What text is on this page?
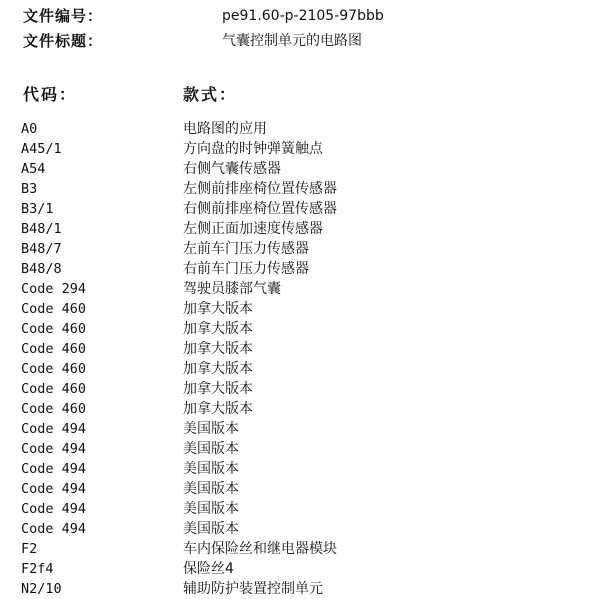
文件编号：	pe91.60-p-2105-97bbb
文件标题：	气囊控制单元的电路图
代码：	款式：
A0	电路图的应用
A45/1	方向盘的时钟弹簧触点
A54	右侧气囊传感器
B3	左侧前排座椅位置传感器
B3/1	右侧前排座椅位置传感器
B48/1	左侧正面加速度传感器
B48/7	左前车门压力传感器
B48/8	右前车门压力传感器
Code 294	驾驶员膝部气囊
Code 460	加拿大版本
Code 460	加拿大版本
Code 460	加拿大版本
Code 460	加拿大版本
Code 460	加拿大版本
Code 460	加拿大版本
Code 494	美国版本
Code 494	美国版本
Code 494	美国版本
Code 494	美国版本
Code 494	美国版本
Code 494	美国版本
F2	车内保险丝和继电器模块
F2f4	保险丝4
N2/10	辅助防护装置控制单元
